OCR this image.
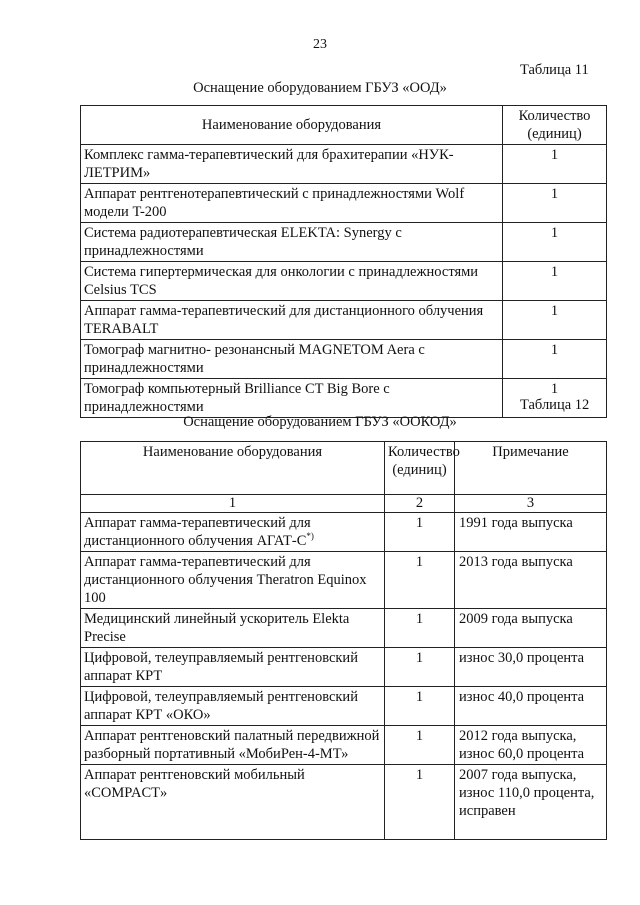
23
Таблица 11
Оснащение оборудованием ГБУЗ «ООД»
Наименование оборудования	Количество (единиц)
Комплекс гамма-терапевтический для брахитерапии «НУК-ЛЕТРИМ»	1
Аппарат рентгенотерапевтический с принадлежностями Wolf модели T-200	1
Система радиотерапевтическая ELEKTA: Synergy с принадлежностями	1
Система гипертермическая для онкологии с принадлежностями Celsius TCS	1
Аппарат гамма-терапевтический для дистанционного облучения TERABALT	1
Томограф магнитно- резонансный MAGNETOM Aera с принадлежностями	1
Томограф компьютерный Brilliance CT Big Bore с принадлежностями	1
Таблица 12
Оснащение оборудованием ГБУЗ «ООКОД»
Наименование оборудования	Количество (единиц)	Примечание
1	2	3
Аппарат гамма-терапевтический для дистанционного облучения АГАТ-С*)	1	1991 года выпуска
Аппарат гамма-терапевтический для дистанционного облучения Theratron Equinox 100	1	2013 года выпуска
Медицинский линейный ускоритель Elekta Precise	1	2009 года выпуска
Цифровой, телеуправляемый рентгеновский аппарат КРТ	1	износ 30,0 процента
Цифровой, телеуправляемый рентгеновский аппарат КРТ «ОКО»	1	износ 40,0 процента
Аппарат рентгеновский палатный передвижной разборный портативный «МобиРен-4-МТ»	1	2012 года выпуска, износ 60,0 процента
Аппарат рентгеновский мобильный «COMPACT»	1	2007 года выпуска, износ 110,0 процента, исправен
